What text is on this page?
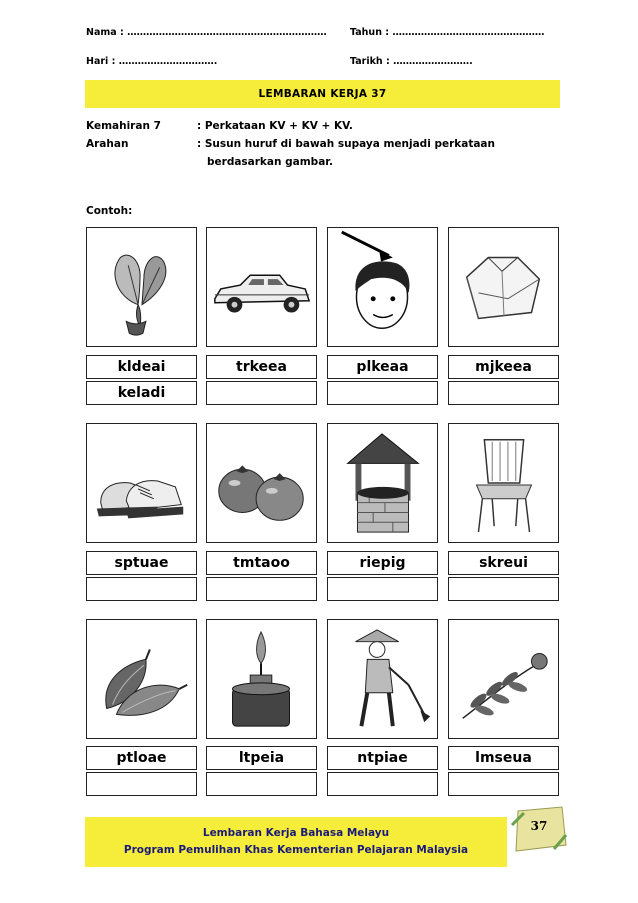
Nama : ……………………………………………………… Tahun : …………………………………………
Hari : ………………………….	Tarikh : …………………….
LEMBARAN KERJA 37
Kemahiran 7	: Perkataan KV + KV + KV.
Arahan	: Susun huruf di bawah supaya menjadi perkataan
berdasarkan gambar.
Contoh:
kldeai	trkeea	plkeaa	mjkeea
keladi
sptuae	tmtaoo	riepig	skreui
ptloae	ltpeia	ntpiae	lmseua
Lembaran Kerja Bahasa Melayu
Program Pemulihan Khas Kementerian Pelajaran Malaysia
37
